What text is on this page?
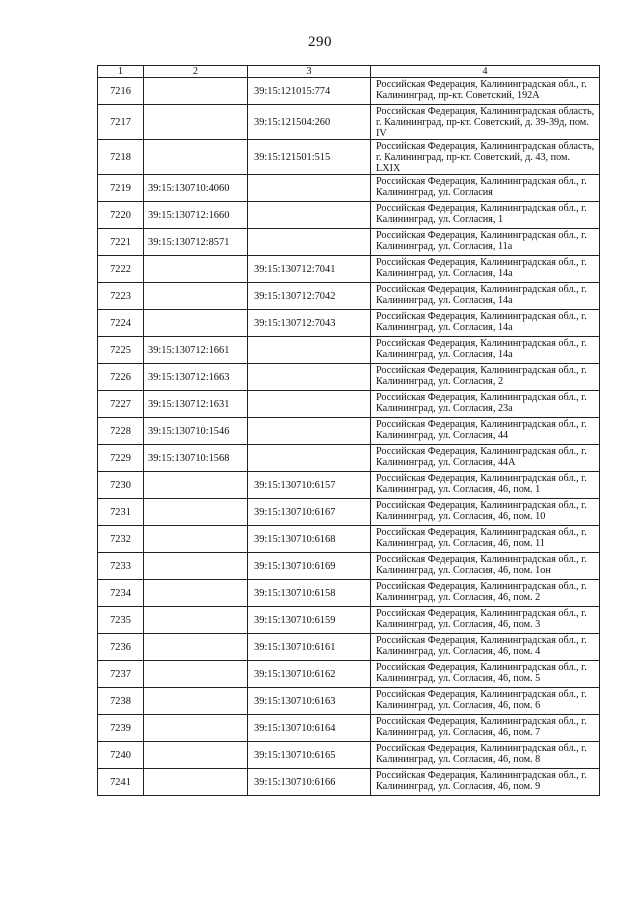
290
1	2	3	4
7216		39:15:121015:774	Российская Федерация, Калининградская обл., г. Калининград, пр-кт. Советский, 192А
7217		39:15:121504:260	Российская Федерация, Калининградская область, г. Калининград, пр-кт. Советский, д. 39-39д, пом. IV
7218		39:15:121501:515	Российская Федерация, Калининградская область, г. Калининград, пр-кт. Советский, д. 43, пом. LXIX
7219	39:15:130710:4060		Российская Федерация, Калининградская обл., г. Калининград, ул. Согласия
7220	39:15:130712:1660		Российская Федерация, Калининградская обл., г. Калининград, ул. Согласия, 1
7221	39:15:130712:8571		Российская Федерация, Калининградская обл., г. Калининград, ул. Согласия, 11а
7222		39:15:130712:7041	Российская Федерация, Калининградская обл., г. Калининград, ул. Согласия, 14а
7223		39:15:130712:7042	Российская Федерация, Калининградская обл., г. Калининград, ул. Согласия, 14а
7224		39:15:130712:7043	Российская Федерация, Калининградская обл., г. Калининград, ул. Согласия, 14а
7225	39:15:130712:1661		Российская Федерация, Калининградская обл., г. Калининград, ул. Согласия, 14а
7226	39:15:130712:1663		Российская Федерация, Калининградская обл., г. Калининград, ул. Согласия, 2
7227	39:15:130712:1631		Российская Федерация, Калининградская обл., г. Калининград, ул. Согласия, 23а
7228	39:15:130710:1546		Российская Федерация, Калининградская обл., г. Калининград, ул. Согласия, 44
7229	39:15:130710:1568		Российская Федерация, Калининградская обл., г. Калининград, ул. Согласия, 44А
7230		39:15:130710:6157	Российская Федерация, Калининградская обл., г. Калининград, ул. Согласия, 46, пом. 1
7231		39:15:130710:6167	Российская Федерация, Калининградская обл., г. Калининград, ул. Согласия, 46, пом. 10
7232		39:15:130710:6168	Российская Федерация, Калининградская обл., г. Калининград, ул. Согласия, 46, пом. 11
7233		39:15:130710:6169	Российская Федерация, Калининградская обл., г. Калининград, ул. Согласия, 46, пом. 1он
7234		39:15:130710:6158	Российская Федерация, Калининградская обл., г. Калининград, ул. Согласия, 46, пом. 2
7235		39:15:130710:6159	Российская Федерация, Калининградская обл., г. Калининград, ул. Согласия, 46, пом. 3
7236		39:15:130710:6161	Российская Федерация, Калининградская обл., г. Калининград, ул. Согласия, 46, пом. 4
7237		39:15:130710:6162	Российская Федерация, Калининградская обл., г. Калининград, ул. Согласия, 46, пом. 5
7238		39:15:130710:6163	Российская Федерация, Калининградская обл., г. Калининград, ул. Согласия, 46, пом. 6
7239		39:15:130710:6164	Российская Федерация, Калининградская обл., г. Калининград, ул. Согласия, 46, пом. 7
7240		39:15:130710:6165	Российская Федерация, Калининградская обл., г. Калининград, ул. Согласия, 46, пом. 8
7241		39:15:130710:6166	Российская Федерация, Калининградская обл., г. Калининград, ул. Согласия, 46, пом. 9
